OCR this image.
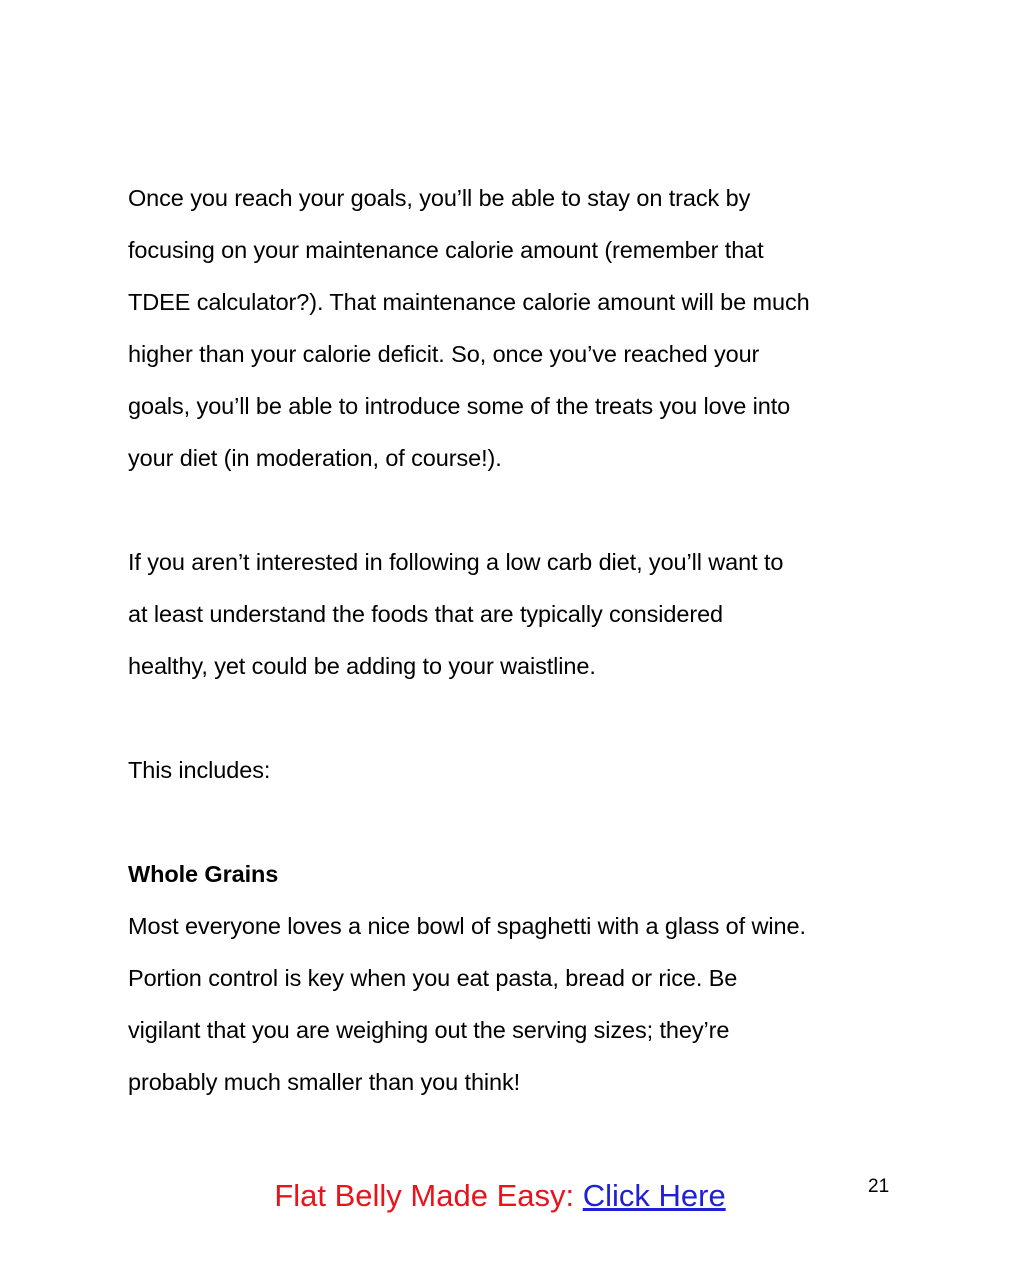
Once you reach your goals, you’ll be able to stay on track by
focusing on your maintenance calorie amount (remember that
TDEE calculator?). That maintenance calorie amount will be much
higher than your calorie deficit. So, once you’ve reached your
goals, you’ll be able to introduce some of the treats you love into
your diet (in moderation, of course!).
If you aren’t interested in following a low carb diet, you’ll want to
at least understand the foods that are typically considered
healthy, yet could be adding to your waistline.
This includes:
Whole Grains
Most everyone loves a nice bowl of spaghetti with a glass of wine.
Portion control is key when you eat pasta, bread or rice. Be
vigilant that you are weighing out the serving sizes; they’re
probably much smaller than you think!
Flat Belly Made Easy: Click Here	21
